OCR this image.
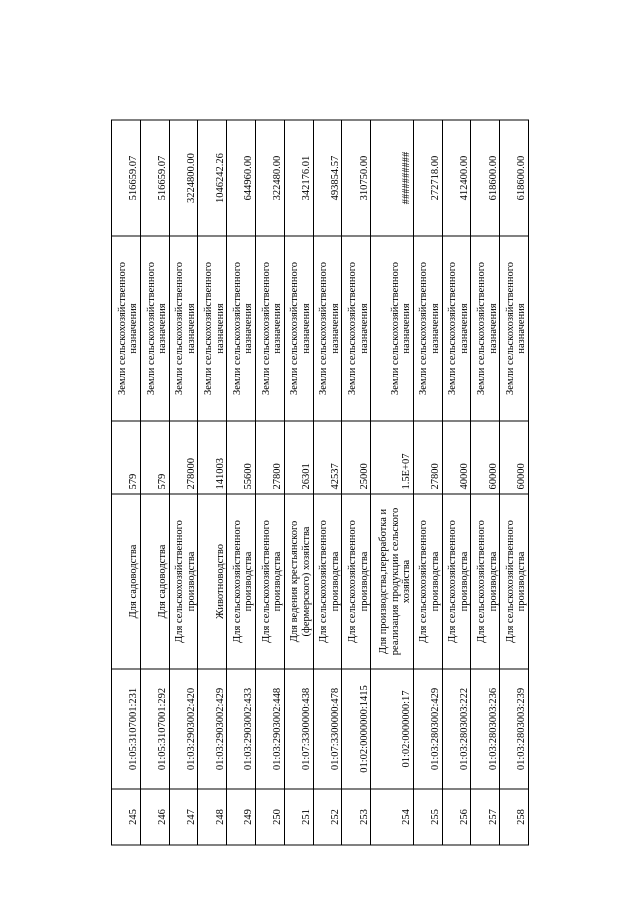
245	01:05:3107001:231	Для садоводства	579	Земли сельскохозяйственного назначения	516659.07
246	01:05:3107001:292	Для садоводства	579	Земли сельскохозяйственного назначения	516659.07
247	01:03:2903002:420	Для сельскохозяйственного производства	278000	Земли сельскохозяйственного назначения	3224800.00
248	01:03:2903002:429	Животноводство	141003	Земли сельскохозяйственного назначения	1046242.26
249	01:03:2903002:433	Для сельскохозяйственного производства	55600	Земли сельскохозяйственного назначения	644960.00
250	01:03:2903002:448	Для сельскохозяйственного производства	27800	Земли сельскохозяйственного назначения	322480.00
251	01:07:3300000:438	Для ведения крестьянского (фермерского) хозяйства	26301	Земли сельскохозяйственного назначения	342176.01
252	01:07:3300000:478	Для сельскохозяйственного производства	42537	Земли сельскохозяйственного назначения	493854.57
253	01:02:0000000:1415	Для сельскохозяйственного производства	25000	Земли сельскохозяйственного назначения	310750.00
254	01:02:0000000:17	Для производства,переработка и реализация продукции сельского хозяйства	1.5E+07	Земли сельскохозяйственного назначения	##########
255	01:03:2803002:429	Для сельскохозяйственного производства	27800	Земли сельскохозяйственного назначения	272718.00
256	01:03:2803003:222	Для сельскохозяйственного производства	40000	Земли сельскохозяйственного назначения	412400.00
257	01:03:2803003:236	Для сельскохозяйственного производства	60000	Земли сельскохозяйственного назначения	618600.00
258	01:03:2803003:239	Для сельскохозяйственного производства	60000	Земли сельскохозяйственного назначения	618600.00
